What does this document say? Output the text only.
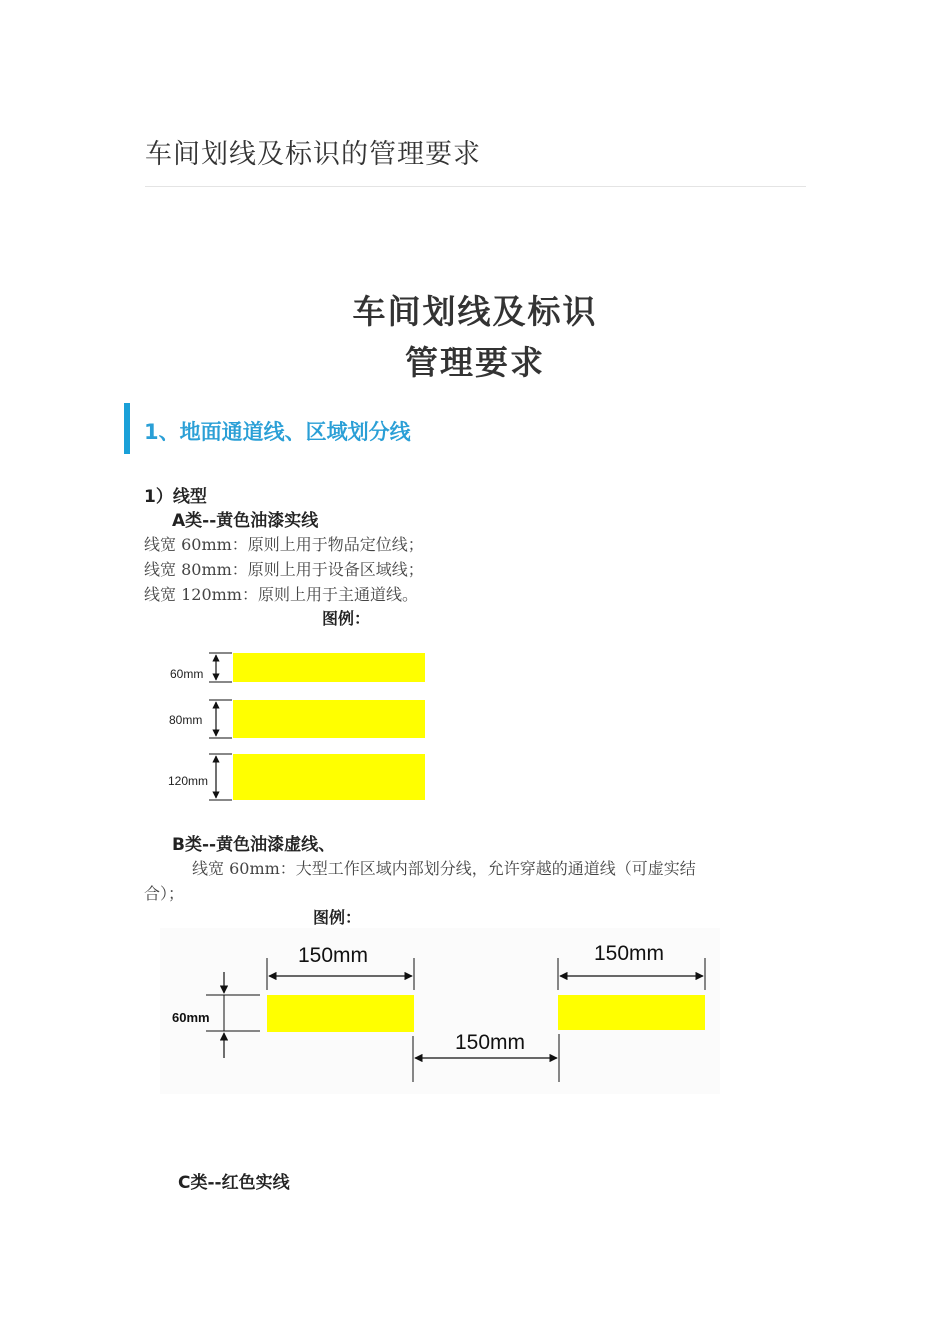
车间划线及标识的管理要求
车间划线及标识
管理要求
1、地面通道线、区域划分线
1）线型
A类--黄色油漆实线
线宽 60mm：原则上用于物品定位线；
线宽 80mm：原则上用于设备区域线；
线宽 120mm：原则上用于主通道线。
图例：
60mm
80mm
120mm
B类--黄色油漆虚线、
线宽 60mm：大型工作区域内部划分线，允许穿越的通道线（可虚实结
合）；
图例：
150mm	150mm
150mm
60mm
C类--红色实线
